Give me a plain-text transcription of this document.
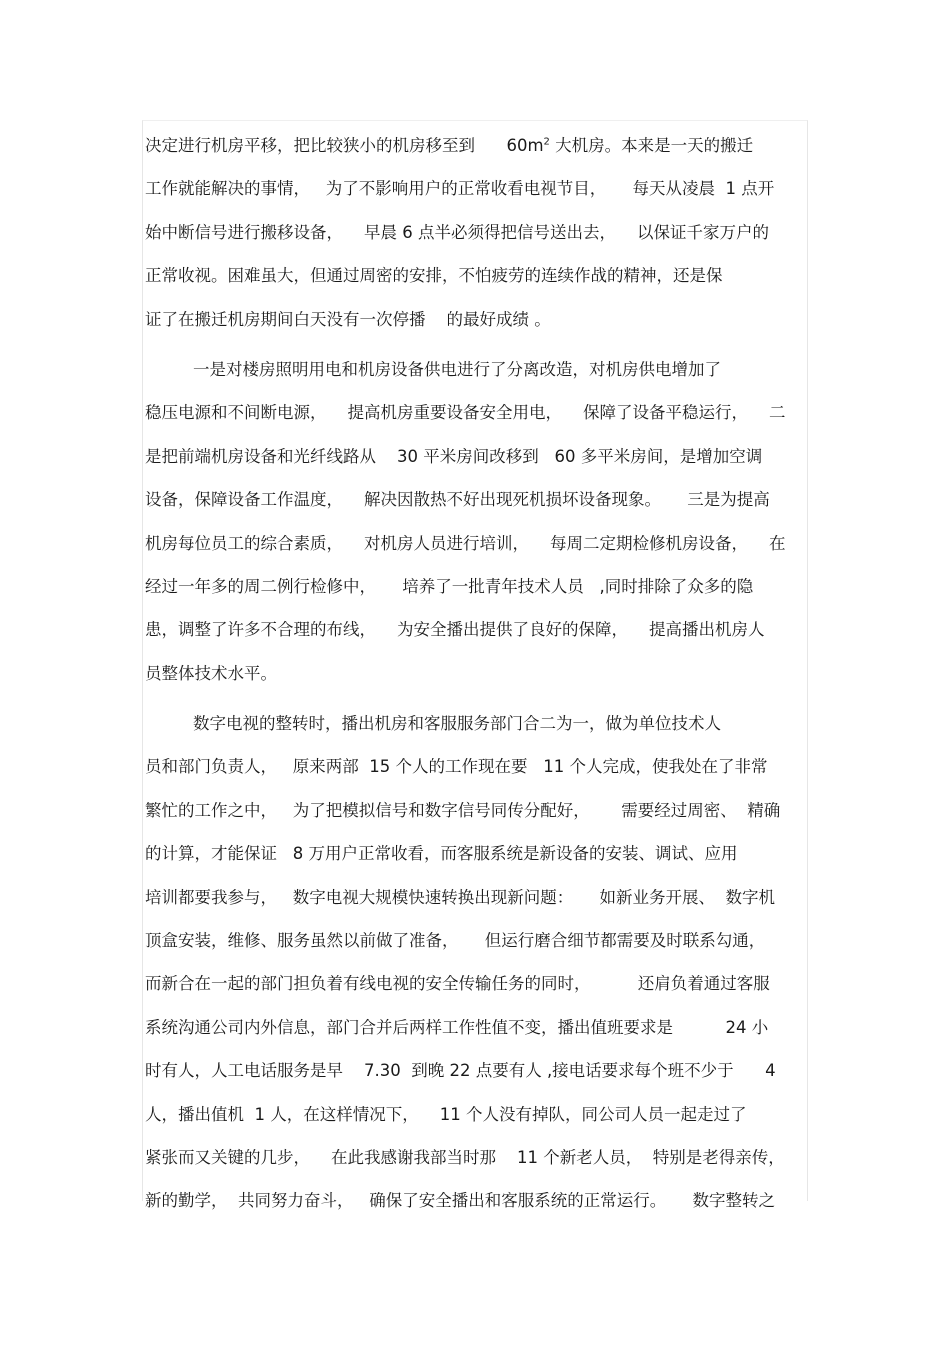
决定进行机房平移，把比较狭小的机房移至到      $60m^2$ 大机房。本来是一天的搬迁
工作就能解决的事情，   为了不影响用户的正常收看电视节目，     每天从凌晨  1 点开
始中断信号进行搬移设备，    早晨 6 点半必须得把信号送出去，    以保证千家万户的
正常收视。困难虽大，但通过周密的安排，不怕疲劳的连续作战的精神，还是保
证了在搬迁机房期间白天没有一次停播    的最好成绩 。
一是对楼房照明用电和机房设备供电进行了分离改造，对机房供电增加了
稳压电源和不间断电源，    提高机房重要设备安全用电，    保障了设备平稳运行，    二
是把前端机房设备和光纤线路从    30 平米房间改移到   60 多平米房间，是增加空调
设备，保障设备工作温度，    解决因散热不好出现死机损坏设备现象。     三是为提高
机房每位员工的综合素质，    对机房人员进行培训，    每周二定期检修机房设备，    在
经过一年多的周二例行检修中，     培养了一批青年技术人员   ,同时排除了众多的隐
患，调整了许多不合理的布线，    为安全播出提供了良好的保障，    提高播出机房人
员整体技术水平。
数字电视的整转时，播出机房和客服服务部门合二为一，做为单位技术人
员和部门负责人，   原来两部  15 个人的工作现在要   11 个人完成，使我处在了非常
繁忙的工作之中，   为了把模拟信号和数字信号同传分配好，      需要经过周密、  精确
的计算，才能保证   8 万用户正常收看，而客服系统是新设备的安装、调试、应用
培训都要我参与，   数字电视大规模快速转换出现新问题：     如新业务开展、  数字机
顶盒安装，维修、服务虽然以前做了准备，     但运行磨合细节都需要及时联系勾通，
而新合在一起的部门担负着有线电视的安全传输任务的同时，         还肩负着通过客服
系统沟通公司内外信息，部门合并后两样工作性值不变，播出值班要求是          24 小
时有人，人工电话服务是早    7.30  到晚 22 点要有人 ,接电话要求每个班不少于      4
人，播出值机  1 人，在这样情况下，    11 个人没有掉队，同公司人员一起走过了
紧张而又关键的几步，    在此我感谢我部当时那    11 个新老人员，  特别是老得亲传，
新的勤学，  共同努力奋斗，   确保了安全播出和客服系统的正常运行。     数字整转之
